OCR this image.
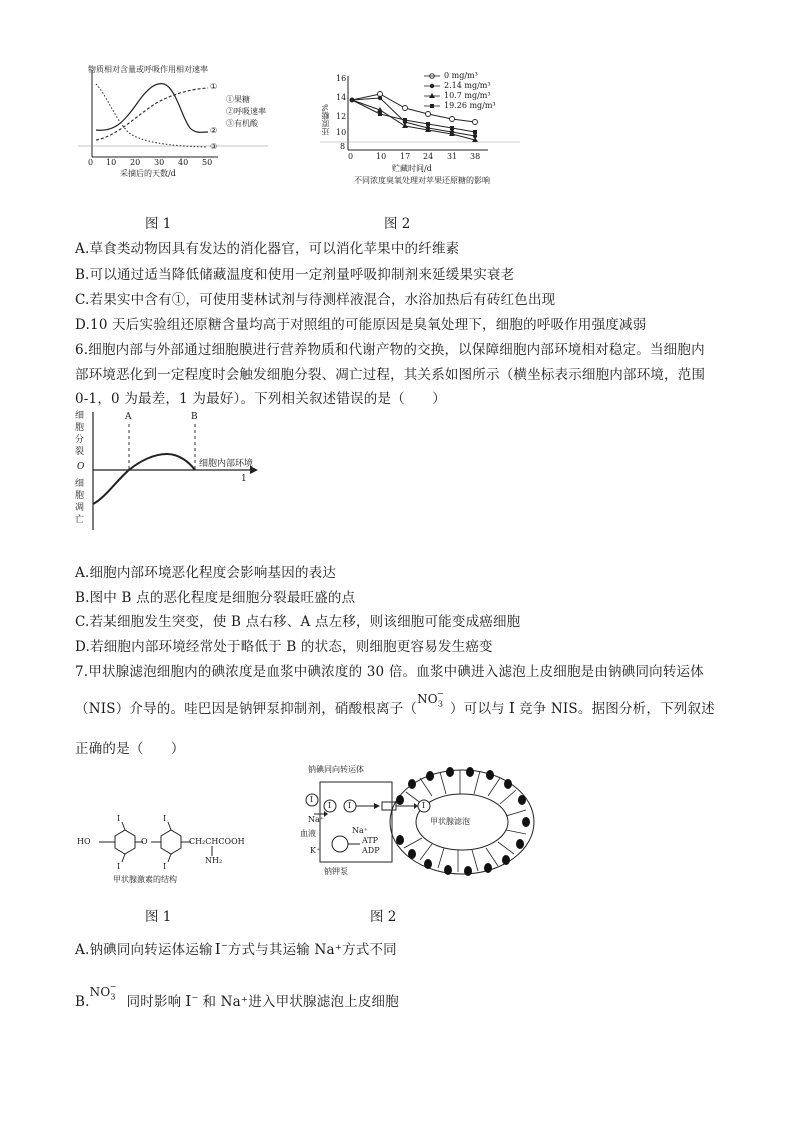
物质相对含量或呼吸作用相对速率
①
②
③
①果糖
②呼吸速率
③有机酸
0 10 20 30 40 50
采摘后的天数/d
图 1
还原糖%
16
14
12
10
8
0	10 17 24 31 38
贮藏时间/d
不同浓度臭氧处理对苹果还原糖的影响
0 mg/m³
2.14 mg/m³
10.7 mg/m³
19.26 mg/m³
图 2
A.草食类动物因具有发达的消化器官，可以消化苹果中的纤维素
B.可以通过适当降低储藏温度和使用一定剂量呼吸抑制剂来延缓果实衰老
C.若果实中含有①，可使用斐林试剂与待测样液混合，水浴加热后有砖红色出现
D.10 天后实验组还原糖含量均高于对照组的可能原因是臭氧处理下，细胞的呼吸作用强度减弱
6.细胞内部与外部通过细胞膜进行营养物质和代谢产物的交换，以保障细胞内部环境相对稳定。当细胞内
部环境恶化到一定程度时会触发细胞分裂、凋亡过程，其关系如图所示（横坐标表示细胞内部环境，范围
0-1，0 为最差，1 为最好）。下列相关叙述错误的是（　　）
细
胞
分
裂
O
细
胞
凋
亡
A	B
细胞内部环境
1
A.细胞内部环境恶化程度会影响基因的表达
B.图中 B 点的恶化程度是细胞分裂最旺盛的点
C.若某细胞发生突变，使 B 点右移、A 点左移，则该细胞可能变成癌细胞
D.若细胞内部环境经常处于略低于 B 的状态，则细胞更容易发生癌变
7.甲状腺滤泡细胞内的碘浓度是血浆中碘浓度的 30 倍。血浆中碘进入滤泡上皮细胞是由钠碘同向转运体
（NIS）介导的。哇巴因是钠钾泵抑制剂，硝酸根离子$(NO_3^-)$可以与 I 竞争 NIS。据图分析，下列叙述
正确的是（　　）
HO	O	CH₂CHCOOH
NH₂
I
I
I
I
甲状腺激素的结构
图 1
钠碘同向转运体
I
I I	I
Na⁺
血液	Na⁺
K⁺
ATP
ADP
甲状腺滤泡
钠钾泵
图 2
A.钠碘同向转运体运输 I−方式与其运输 Na⁺方式不同
$B.NO_3^-$同时影响 I− 和 Na⁺进入甲状腺滤泡上皮细胞
